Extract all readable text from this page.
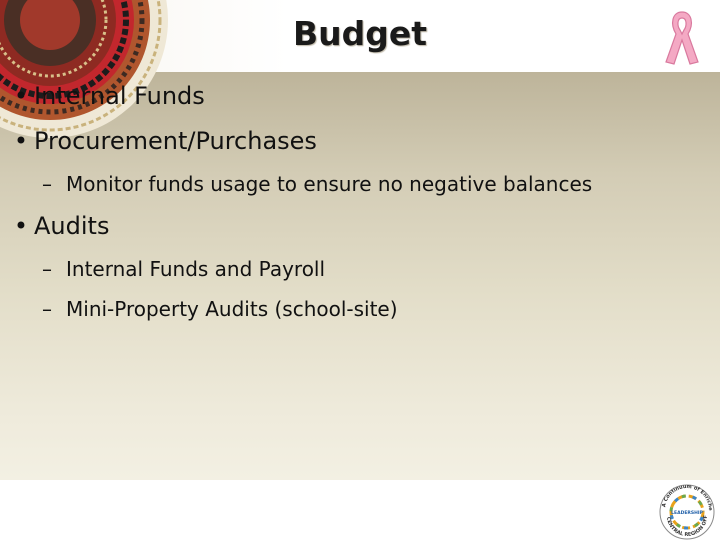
Budget
• Internal Funds
• Procurement/Purchases
– Monitor funds usage to ensure no negative balances
• Audits
– Internal Funds and Payroll
– Mini-Property Audits (school-site)
A Continuum of Enriche
LEADERSHIP
CENTRAL REGION OFF
